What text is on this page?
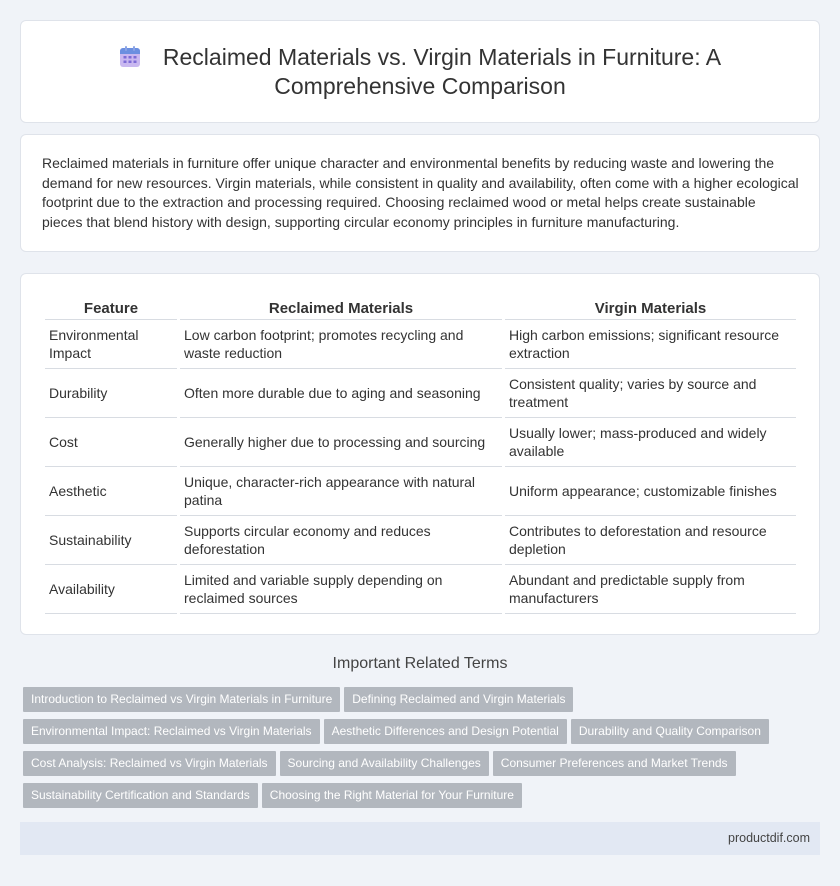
Reclaimed Materials vs. Virgin Materials in Furniture: A Comprehensive Comparison

Reclaimed materials in furniture offer unique character and environmental benefits by reducing waste and lowering the demand for new resources. Virgin materials, while consistent in quality and availability, often come with a higher ecological footprint due to the extraction and processing required. Choosing reclaimed wood or metal helps create sustainable pieces that blend history with design, supporting circular economy principles in furniture manufacturing.

Feature	Reclaimed Materials	Virgin Materials
Environmental Impact	Low carbon footprint; promotes recycling and waste reduction	High carbon emissions; significant resource extraction
Durability	Often more durable due to aging and seasoning	Consistent quality; varies by source and treatment
Cost	Generally higher due to processing and sourcing	Usually lower; mass-produced and widely available
Aesthetic	Unique, character-rich appearance with natural patina	Uniform appearance; customizable finishes
Sustainability	Supports circular economy and reduces deforestation	Contributes to deforestation and resource depletion
Availability	Limited and variable supply depending on reclaimed sources	Abundant and predictable supply from manufacturers
Important Related Terms
Introduction to Reclaimed vs Virgin Materials in Furniture Defining Reclaimed and Virgin Materials
Environmental Impact: Reclaimed vs Virgin Materials Aesthetic Differences and Design Potential Durability and Quality Comparison
Cost Analysis: Reclaimed vs Virgin Materials Sourcing and Availability Challenges Consumer Preferences and Market Trends
Sustainability Certification and Standards Choosing the Right Material for Your Furniture
productdif.com
